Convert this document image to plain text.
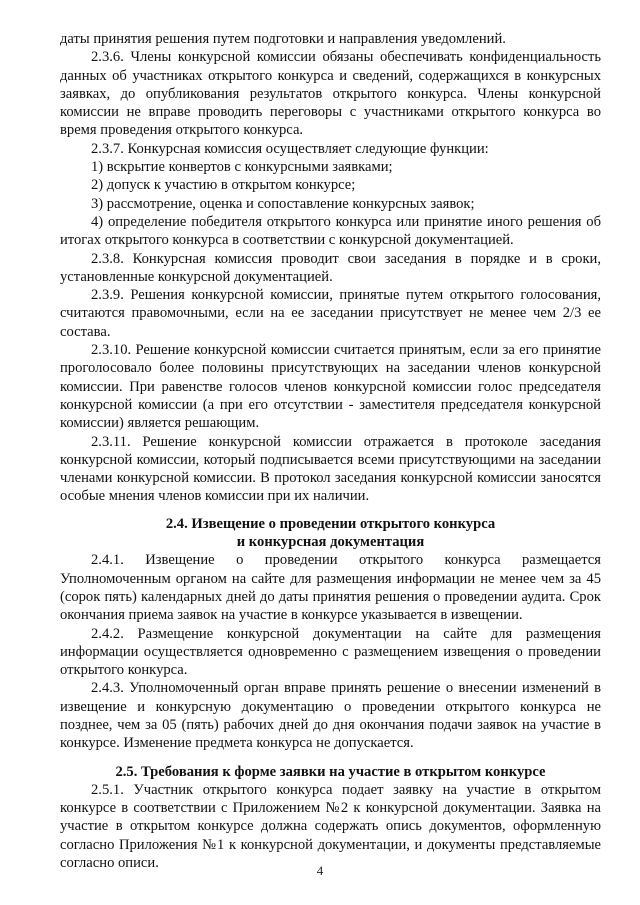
даты принятия решения путем подготовки и направления уведомлений.

2.3.6. Члены конкурсной комиссии обязаны обеспечивать конфиденциальность данных об участниках открытого конкурса и сведений, содержащихся в конкурсных заявках, до опубликования результатов открытого конкурса. Члены конкурсной комиссии не вправе проводить переговоры с участниками открытого конкурса во время проведения открытого конкурса.

2.3.7. Конкурсная комиссия осуществляет следующие функции:

1) вскрытие конвертов с конкурсными заявками;

2) допуск к участию в открытом конкурсе;

3) рассмотрение, оценка и сопоставление конкурсных заявок;

4) определение победителя открытого конкурса или принятие иного решения об итогах открытого конкурса в соответствии с конкурсной документацией.

2.3.8. Конкурсная комиссия проводит свои заседания в порядке и в сроки, установленные конкурсной документацией.

2.3.9. Решения конкурсной комиссии, принятые путем открытого голосования, считаются правомочными, если на ее заседании присутствует не менее чем 2/3 ее состава.

2.3.10. Решение конкурсной комиссии считается принятым, если за его принятие проголосовало более половины присутствующих на заседании членов конкурсной комиссии. При равенстве голосов членов конкурсной комиссии голос председателя конкурсной комиссии (а при его отсутствии - заместителя председателя конкурсной комиссии) является решающим.

2.3.11. Решение конкурсной комиссии отражается в протоколе заседания конкурсной комиссии, который подписывается всеми присутствующими на заседании членами конкурсной комиссии. В протокол заседания конкурсной комиссии заносятся особые мнения членов комиссии при их наличии.

2.4. Извещение о проведении открытого конкурса

и конкурсная документация

2.4.1. Извещение о проведении открытого конкурса размещается Уполномоченным органом на сайте для размещения информации не менее чем за 45 (сорок пять) календарных дней до даты принятия решения о проведении аудита. Срок окончания приема заявок на участие в конкурсе указывается в извещении.

2.4.2. Размещение конкурсной документации на сайте для размещения информации осуществляется одновременно с размещением извещения о проведении открытого конкурса.

2.4.3. Уполномоченный орган вправе принять решение о внесении изменений в извещение и конкурсную документацию о проведении открытого конкурса не позднее, чем за 05 (пять) рабочих дней до дня окончания подачи заявок на участие в конкурсе. Изменение предмета конкурса не допускается.

2.5. Требования к форме заявки на участие в открытом конкурсе

2.5.1. Участник открытого конкурса подает заявку на участие в открытом конкурсе в соответствии с Приложением №2 к конкурсной документации. Заявка на участие в открытом конкурсе должна содержать опись документов, оформленную согласно Приложения №1 к конкурсной документации, и документы представляемые согласно описи.	4
